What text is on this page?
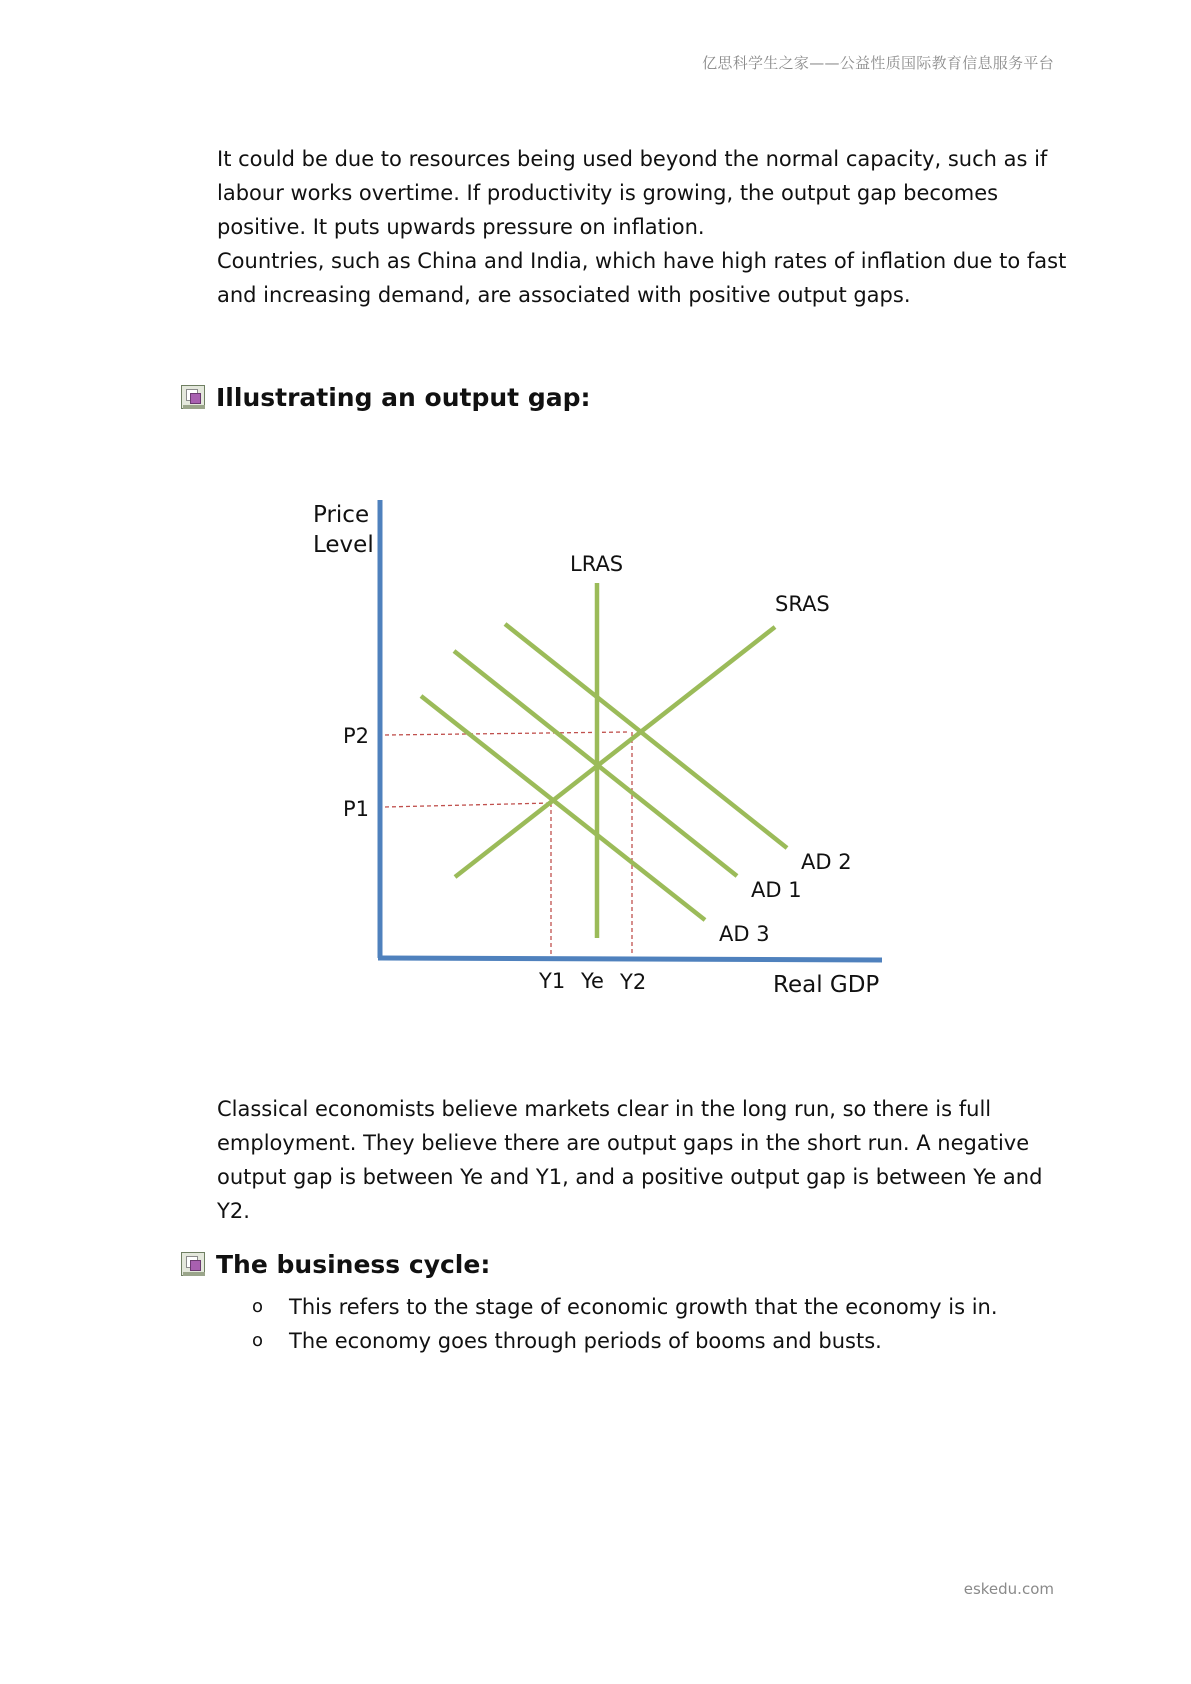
亿思科学生之家——公益性质国际教育信息服务平台

It could be due to resources being used beyond the normal capacity, such as if labour works overtime. If productivity is growing, the output gap becomes positive. It puts upwards pressure on inflation.

Countries, such as China and India, which have high rates of inflation due to fast and increasing demand, are associated with positive output gaps.

Illustrating an output gap:
Price
Level
Real GDP
LRAS
SRAS
AD 2
AD 1
AD 3
P2
P1
Y1 Ye Y2

Classical economists believe markets clear in the long run, so there is full employment. They believe there are output gaps in the short run. A negative output gap is between Ye and Y1, and a positive output gap is between Ye and Y2.

The business cycle:
o	This refers to the stage of economic growth that the economy is in.
o	The economy goes through periods of booms and busts.
eskedu.com
